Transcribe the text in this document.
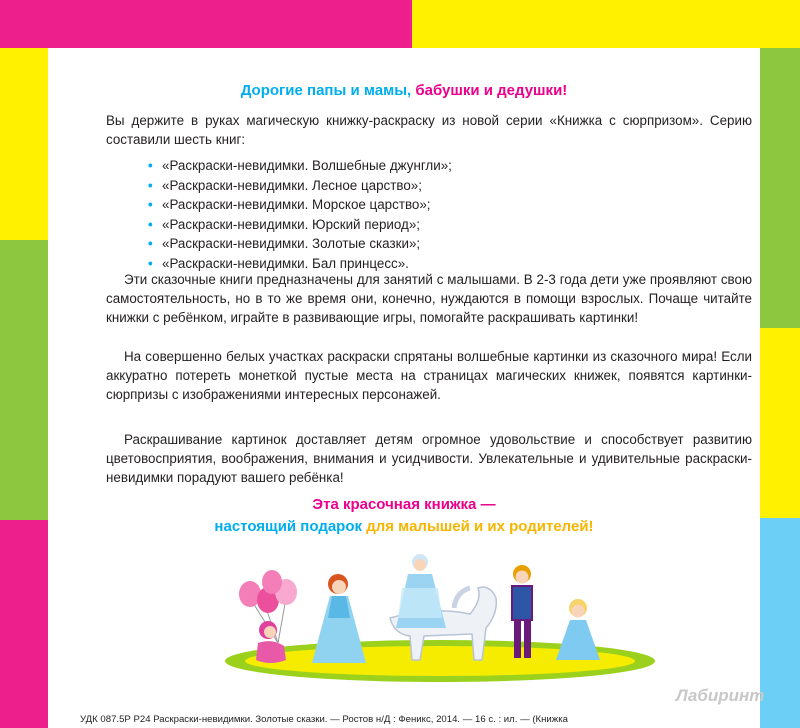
Дорогие папы и мамы, бабушки и дедушки!
Вы держите в руках магическую книжку-раскраску из новой серии «Книжка с сюрпризом». Серию составили шесть книг:
• «Раскраски-невидимки. Волшебные джунгли»;
• «Раскраски-невидимки. Лесное царство»;
• «Раскраски-невидимки. Морское царство»;
• «Раскраски-невидимки. Юрский период»;
• «Раскраски-невидимки. Золотые сказки»;
• «Раскраски-невидимки. Бал принцесс».
Эти сказочные книги предназначены для занятий с малышами. В 2-3 года дети уже проявляют свою самостоятельность, но в то же время они, конечно, нуждаются в помощи взрослых. Почаще читайте книжки с ребёнком, играйте в развивающие игры, помогайте раскрашивать картинки!
На совершенно белых участках раскраски спрятаны волшебные картинки из сказочного мира! Если аккуратно потереть монеткой пустые места на страницах магических книжек, появятся картинки-сюрпризы с изображениями интересных персонажей.
Раскрашивание картинок доставляет детям огромное удовольствие и способствует развитию цветовосприятия, воображения, внимания и усидчивости. Увлекательные и удивительные раскраски-невидимки порадуют вашего ребёнка!
Эта красочная книжка —
настоящий подарок для малышей и их родителей!
УДК 087.5Р Р24 Раскраски-невидимки. Золотые сказки. — Ростов н/Д : Феникс, 2014. — 16 с. : ил. — (Книжка
Лабиринт
